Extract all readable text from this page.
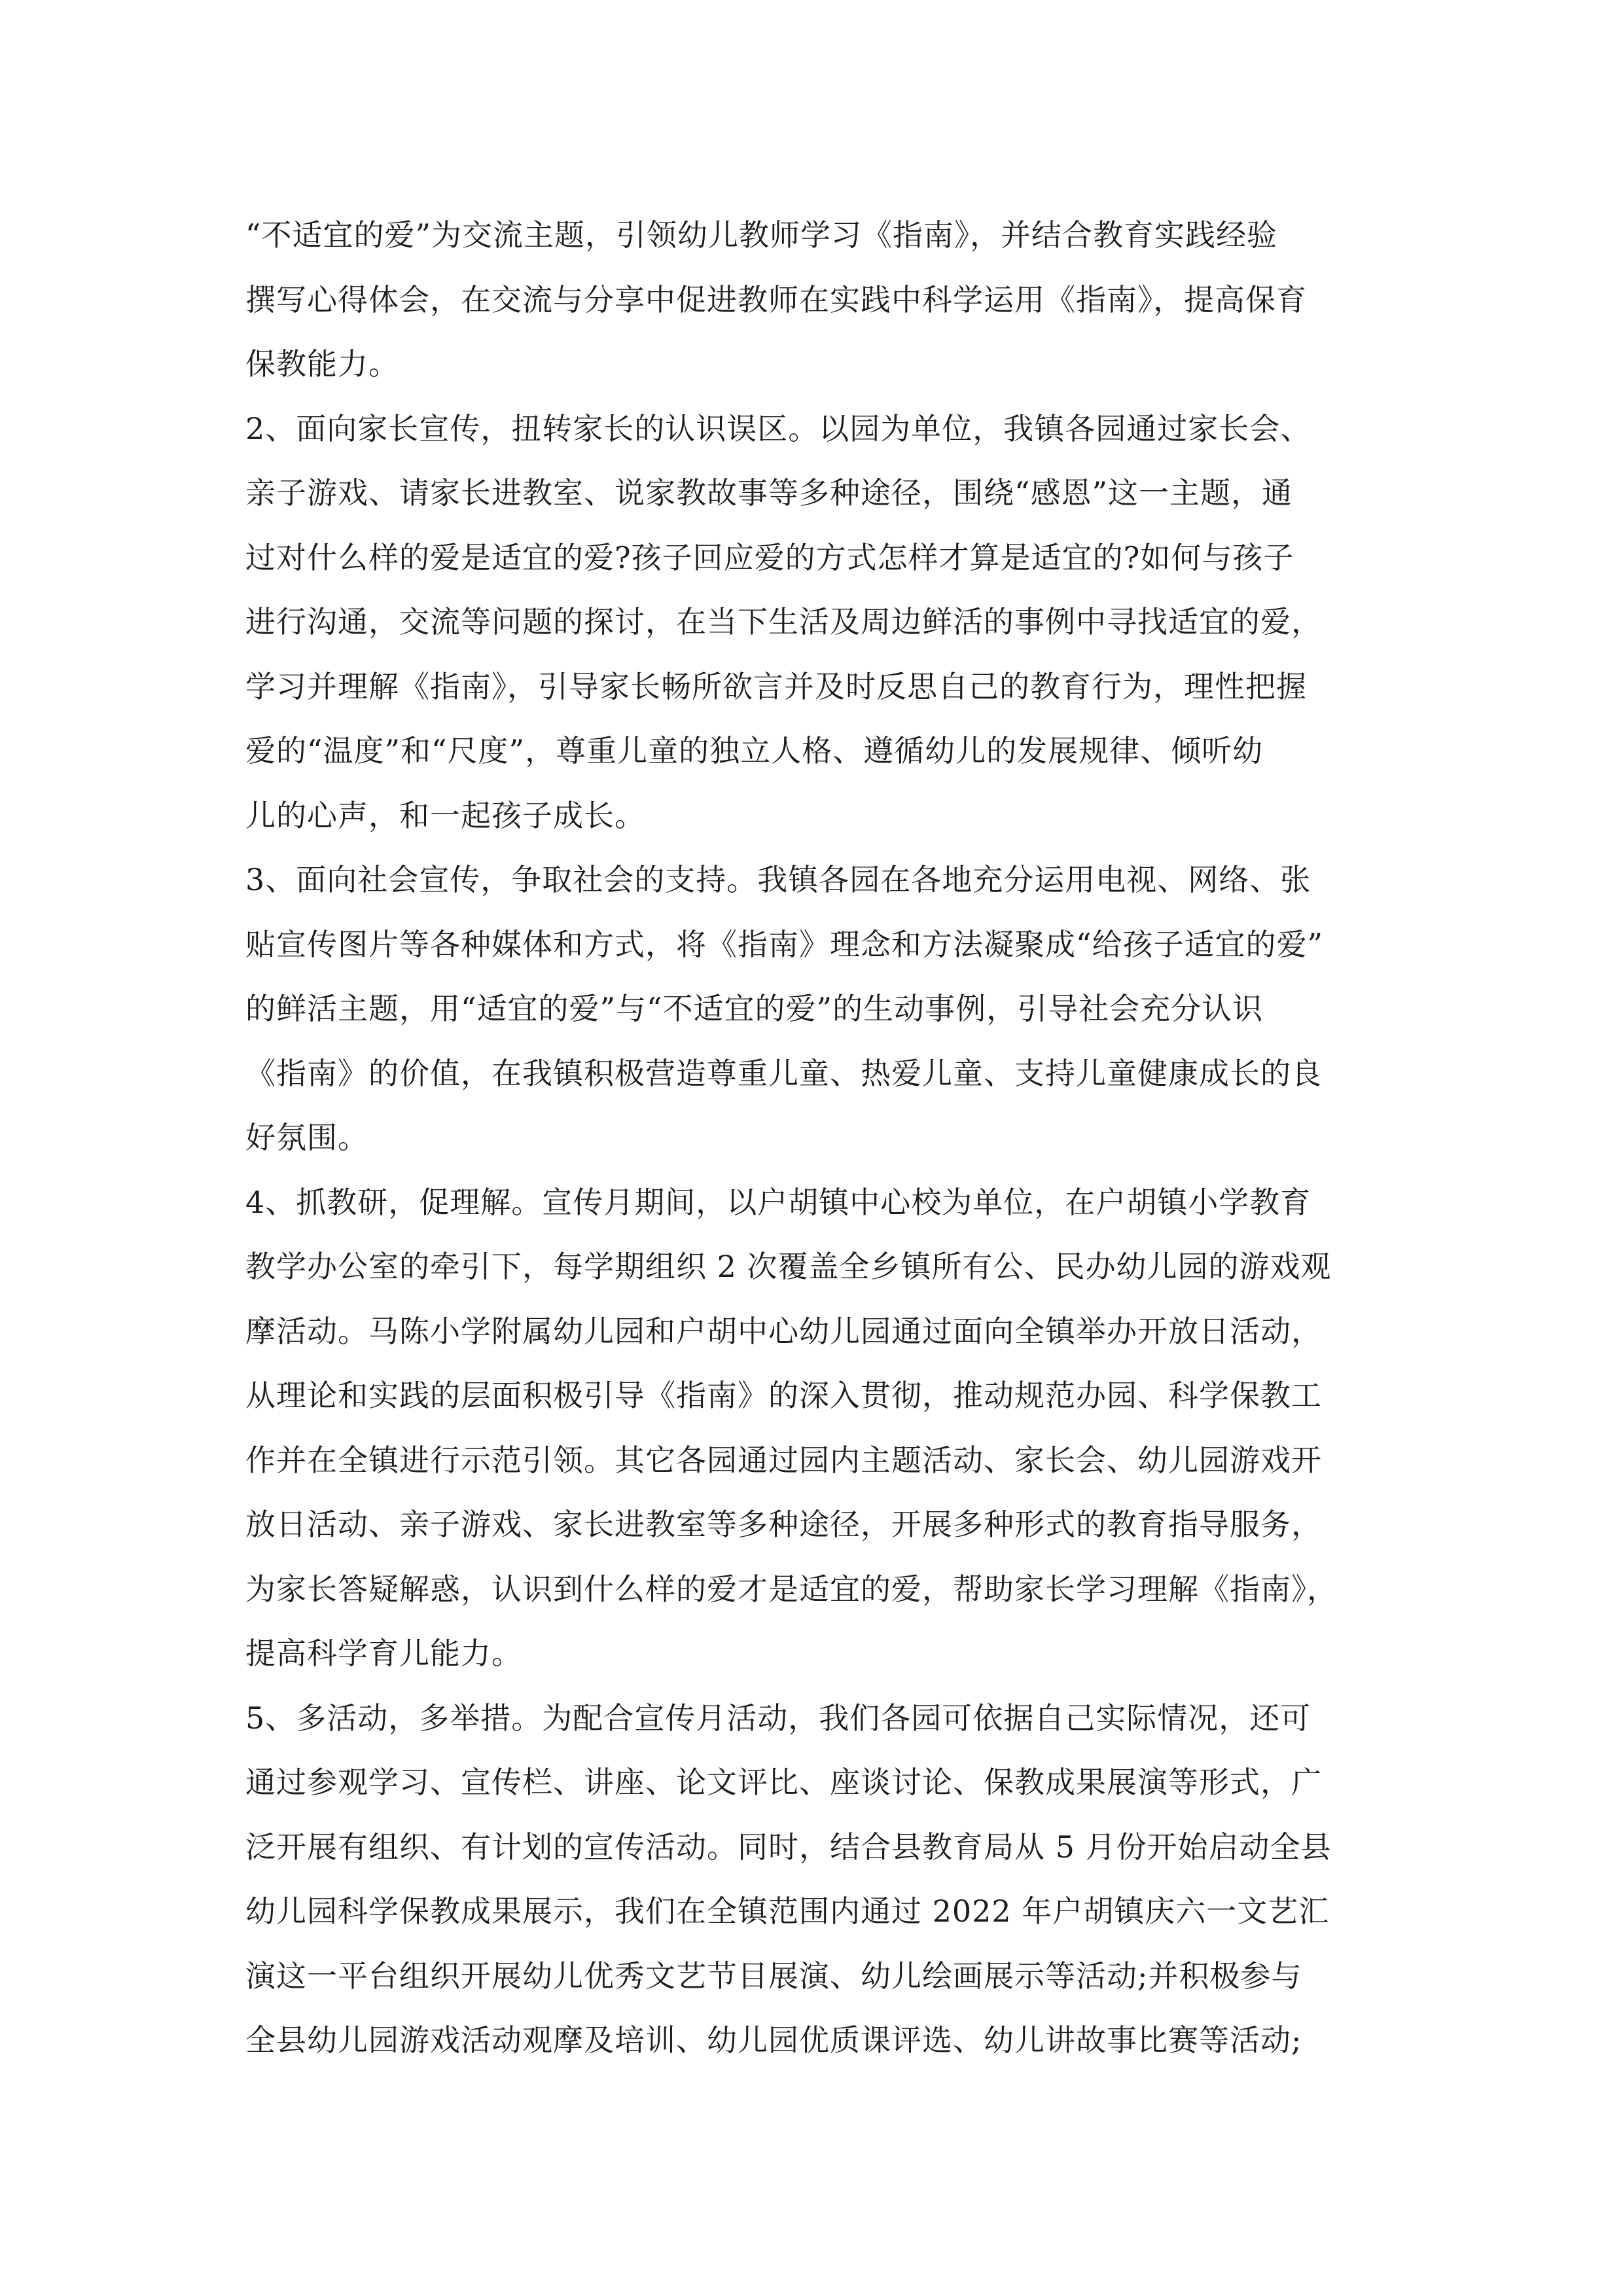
“不适宜的爱”为交流主题，引领幼儿教师学习《指南》，并结合教育实践经验
撰写心得体会，在交流与分享中促进教师在实践中科学运用《指南》，提高保育
保教能力。
2、面向家长宣传，扭转家长的认识误区。以园为单位，我镇各园通过家长会、
亲子游戏、请家长进教室、说家教故事等多种途径，围绕“感恩”这一主题，通
过对什么样的爱是适宜的爱?孩子回应爱的方式怎样才算是适宜的?如何与孩子
进行沟通，交流等问题的探讨，在当下生活及周边鲜活的事例中寻找适宜的爱，
学习并理解《指南》，引导家长畅所欲言并及时反思自己的教育行为，理性把握
爱的“温度”和“尺度”，尊重儿童的独立人格、遵循幼儿的发展规律、倾听幼
儿的心声，和一起孩子成长。
3、面向社会宣传，争取社会的支持。我镇各园在各地充分运用电视、网络、张
贴宣传图片等各种媒体和方式，将《指南》理念和方法凝聚成“给孩子适宜的爱”
的鲜活主题，用“适宜的爱”与“不适宜的爱”的生动事例，引导社会充分认识
《指南》的价值，在我镇积极营造尊重儿童、热爱儿童、支持儿童健康成长的良
好氛围。
4、抓教研，促理解。宣传月期间，以户胡镇中心校为单位，在户胡镇小学教育
教学办公室的牵引下，每学期组织 2 次覆盖全乡镇所有公、民办幼儿园的游戏观
摩活动。马陈小学附属幼儿园和户胡中心幼儿园通过面向全镇举办开放日活动，
从理论和实践的层面积极引导《指南》的深入贯彻，推动规范办园、科学保教工
作并在全镇进行示范引领。其它各园通过园内主题活动、家长会、幼儿园游戏开
放日活动、亲子游戏、家长进教室等多种途径，开展多种形式的教育指导服务，
为家长答疑解惑，认识到什么样的爱才是适宜的爱，帮助家长学习理解《指南》，
提高科学育儿能力。
5、多活动，多举措。为配合宣传月活动，我们各园可依据自己实际情况，还可
通过参观学习、宣传栏、讲座、论文评比、座谈讨论、保教成果展演等形式，广
泛开展有组织、有计划的宣传活动。同时，结合县教育局从 5 月份开始启动全县
幼儿园科学保教成果展示，我们在全镇范围内通过 2022 年户胡镇庆六一文艺汇
演这一平台组织开展幼儿优秀文艺节目展演、幼儿绘画展示等活动;并积极参与
全县幼儿园游戏活动观摩及培训、幼儿园优质课评选、幼儿讲故事比赛等活动;
